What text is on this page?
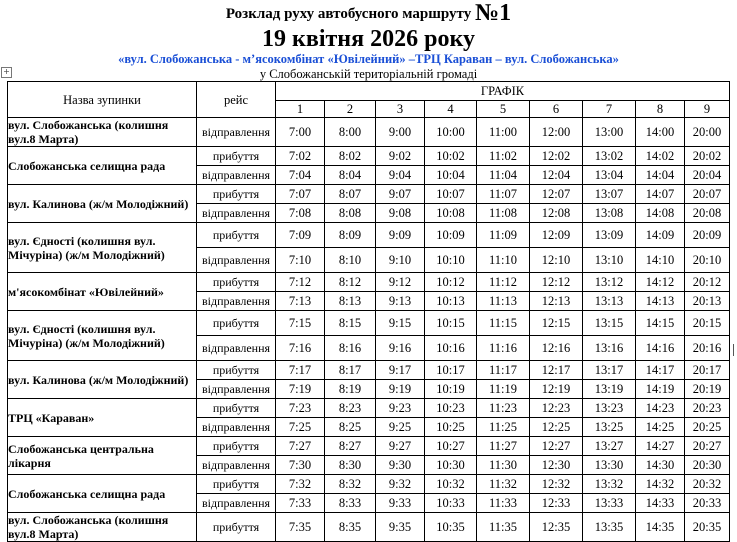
Розклад руху автобусного маршруту №1
19 квітня 2026 року
«вул. Слобожанська - м’ясокомбінат «Ювілейний» –ТРЦ Караван – вул. Слобожанська»
у Слобожанській територіальній громаді
+
Назва зупинки	рейс	ГРАФІК								
		1	2	3	4	5	6	7	8	9
вул. Слобожанська (колишня вул.8 Марта)	відправлення	7:00	8:00	9:00	10:00	11:00	12:00	13:00	14:00	20:00
Слобожанська селищна рада	прибуття	7:02	8:02	9:02	10:02	11:02	12:02	13:02	14:02	20:02
	відправлення	7:04	8:04	9:04	10:04	11:04	12:04	13:04	14:04	20:04
вул. Калинова (ж/м Молодіжний)	прибуття	7:07	8:07	9:07	10:07	11:07	12:07	13:07	14:07	20:07
	відправлення	7:08	8:08	9:08	10:08	11:08	12:08	13:08	14:08	20:08
вул. Єдності (колишня вул. Мічуріна) (ж/м Молодіжний)	прибуття	7:09	8:09	9:09	10:09	11:09	12:09	13:09	14:09	20:09
	відправлення	7:10	8:10	9:10	10:10	11:10	12:10	13:10	14:10	20:10
м'ясокомбінат «Ювілейний»	прибуття	7:12	8:12	9:12	10:12	11:12	12:12	13:12	14:12	20:12
	відправлення	7:13	8:13	9:13	10:13	11:13	12:13	13:13	14:13	20:13
вул. Єдності (колишня вул. Мічуріна) (ж/м Молодіжний)	прибуття	7:15	8:15	9:15	10:15	11:15	12:15	13:15	14:15	20:15
	відправлення	7:16	8:16	9:16	10:16	11:16	12:16	13:16	14:16	20:16
вул. Калинова (ж/м Молодіжний)	прибуття	7:17	8:17	9:17	10:17	11:17	12:17	13:17	14:17	20:17
	відправлення	7:19	8:19	9:19	10:19	11:19	12:19	13:19	14:19	20:19
ТРЦ «Караван»	прибуття	7:23	8:23	9:23	10:23	11:23	12:23	13:23	14:23	20:23
	відправлення	7:25	8:25	9:25	10:25	11:25	12:25	13:25	14:25	20:25
Слобожанська центральна лікарня	прибуття	7:27	8:27	9:27	10:27	11:27	12:27	13:27	14:27	20:27
	відправлення	7:30	8:30	9:30	10:30	11:30	12:30	13:30	14:30	20:30
Слобожанська селищна рада	прибуття	7:32	8:32	9:32	10:32	11:32	12:32	13:32	14:32	20:32
	відправлення	7:33	8:33	9:33	10:33	11:33	12:33	13:33	14:33	20:33
вул. Слобожанська (колишня вул.8 Марта)	прибуття	7:35	8:35	9:35	10:35	11:35	12:35	13:35	14:35	20:35
